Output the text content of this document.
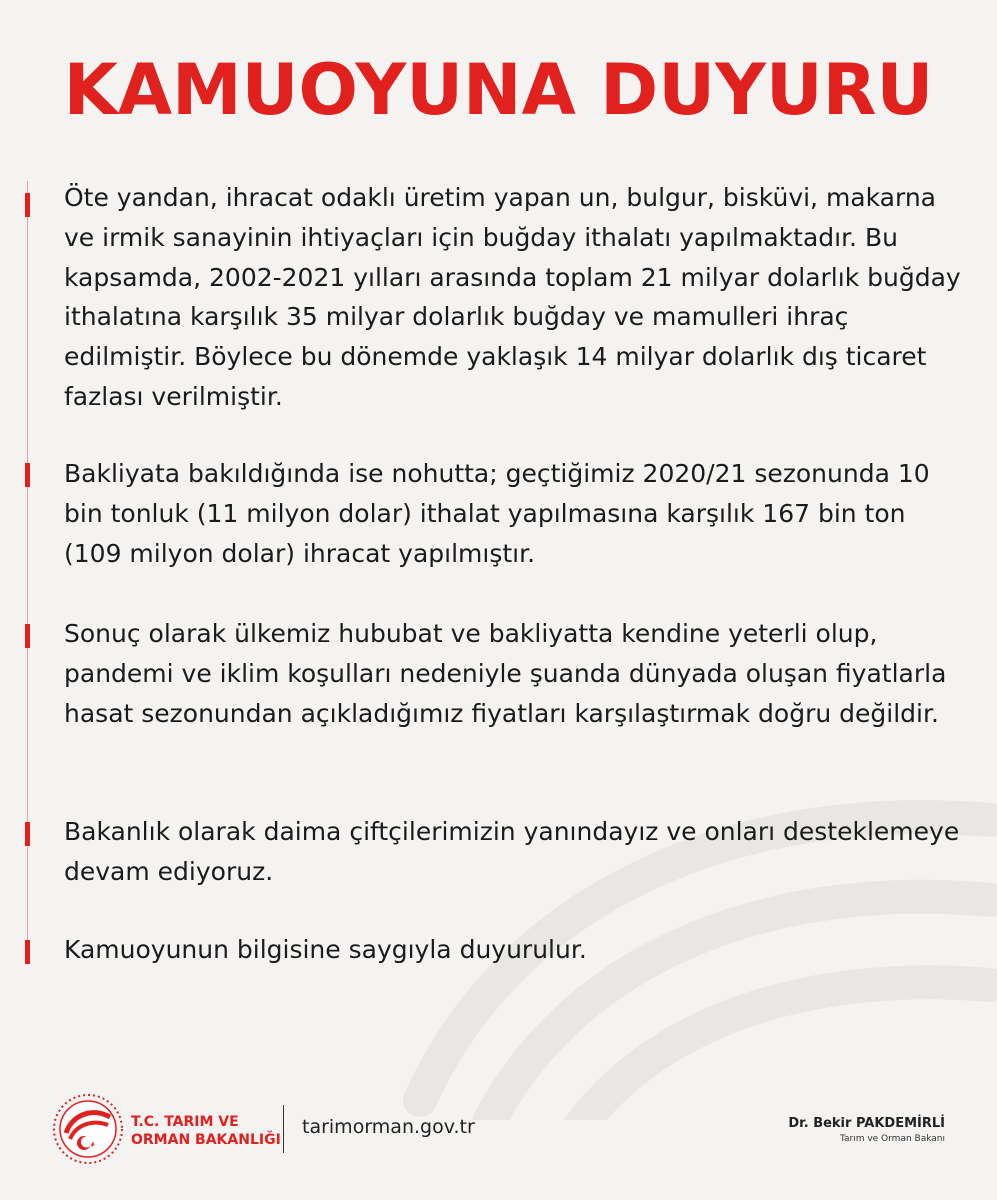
KAMUOYUNA DUYURU

Öte yandan, ihracat odaklı üretim yapan un, bulgur, bisküvi, makarna ve irmik sanayinin ihtiyaçları için buğday ithalatı yapılmaktadır. Bu kapsamda, 2002-2021 yılları arasında toplam 21 milyar dolarlık buğday ithalatına karşılık 35 milyar dolarlık buğday ve mamulleri ihraç edilmiştir. Böylece bu dönemde yaklaşık 14 milyar dolarlık dış ticaret fazlası verilmiştir.

Bakliyata bakıldığında ise nohutta; geçtiğimiz 2020/21 sezonunda 10 bin tonluk (11 milyon dolar) ithalat yapılmasına karşılık 167 bin ton (109 milyon dolar) ihracat yapılmıştır.

Sonuç olarak ülkemiz hububat ve bakliyatta kendine yeterli olup, pandemi ve iklim koşulları nedeniyle şuanda dünyada oluşan fiyatlarla hasat sezonundan açıkladığımız fiyatları karşılaştırmak doğru değildir.

Bakanlık olarak daima çiftçilerimizin yanındayız ve onları desteklemeye devam ediyoruz.

Kamuoyunun bilgisine saygıyla duyurulur.

T.C. TARIM VE
ORMAN BAKANLIĞI
tarimorman.gov.tr	Dr. Bekir PAKDEMİRLİ
Tarım ve Orman Bakanı
